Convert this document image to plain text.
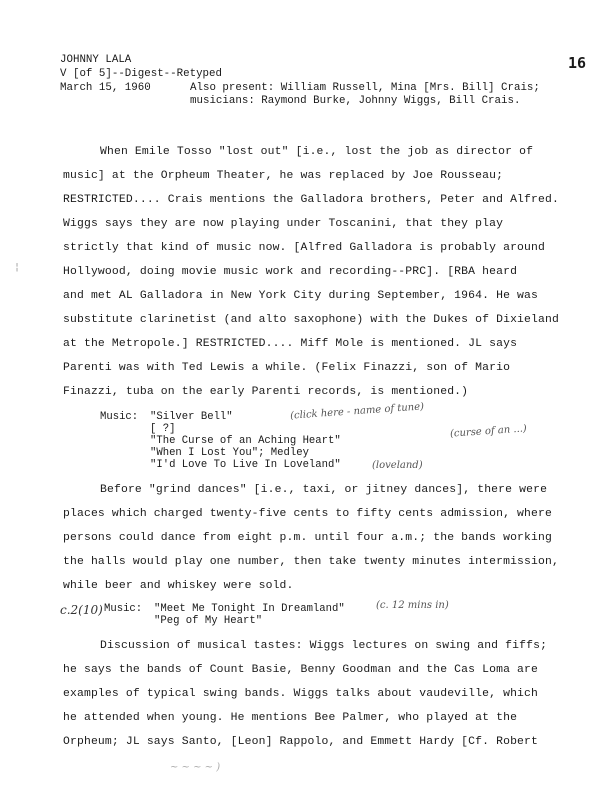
JOHNNY LALA
V [of 5]--Digest--Retyped
March 15, 1960	Also present: William Russell, Mina [Mrs. Bill] Crais;
musicians: Raymond Burke, Johnny Wiggs, Bill Crais.
16
When Emile Tosso "lost out" [i.e., lost the job as director of
music] at the Orpheum Theater, he was replaced by Joe Rousseau;
RESTRICTED.... Crais mentions the Galladora brothers, Peter and Alfred.
Wiggs says they are now playing under Toscanini, that they play
strictly that kind of music now. [Alfred Galladora is probably around
Hollywood, doing movie music work and recording--PRC]. [RBA heard
and met AL Galladora in New York City during September, 1964. He was
substitute clarinetist (and alto saxophone) with the Dukes of Dixieland
at the Metropole.] RESTRICTED.... Miff Mole is mentioned. JL says
Parenti was with Ted Lewis a while. (Felix Finazzi, son of Mario
Finazzi, tuba on the early Parenti records, is mentioned.)
¦
Music: "Silver Bell"
[ ?]
"The Curse of an Aching Heart"
"When I Lost You"; Medley
"I'd Love To Live In Loveland"
(click here - name of tune)
(curse of an ...)
(loveland)
Before "grind dances" [i.e., taxi, or jitney dances], there were
places which charged twenty-five cents to fifty cents admission, where
persons could dance from eight p.m. until four a.m.; the bands working
the halls would play one number, then take twenty minutes intermission,
while beer and whiskey were sold.
c.2(10) Music: "Meet Me Tonight In Dreamland"
"Peg of My Heart"
(c. 12 mins in)
Discussion of musical tastes: Wiggs lectures on swing and fiffs;
he says the bands of Count Basie, Benny Goodman and the Cas Loma are
examples of typical swing bands. Wiggs talks about vaudeville, which
he attended when young. He mentions Bee Palmer, who played at the
Orpheum; JL says Santo, [Leon] Rappolo, and Emmett Hardy [Cf. Robert
~ ~ ~ ~ )
